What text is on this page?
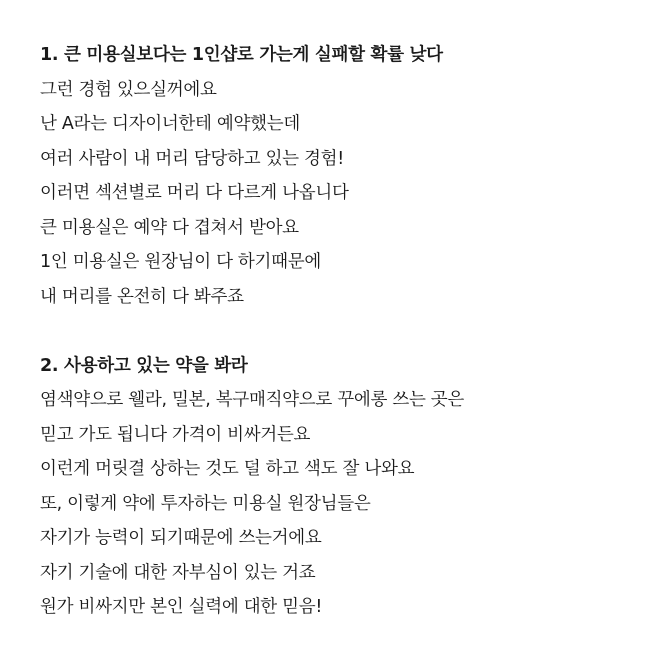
1. 큰 미용실보다는 1인샵로 가는게 실패할 확률 낮다
그런 경험 있으실꺼에요
난 A라는 디자이너한테 예약했는데
여러 사람이 내 머리 담당하고 있는 경험!
이러면 섹션별로 머리 다 다르게 나옵니다
큰 미용실은 예약 다 겹쳐서 받아요
1인 미용실은 원장님이 다 하기때문에
내 머리를 온전히 다 봐주죠
2. 사용하고 있는 약을 봐라
염색약으로 웰라, 밀본, 복구매직약으로 꾸에롱 쓰는 곳은
믿고 가도 됩니다 가격이 비싸거든요
이런게 머릿결 상하는 것도 덜 하고 색도 잘 나와요
또, 이렇게 약에 투자하는 미용실 원장님들은
자기가 능력이 되기때문에 쓰는거에요
자기 기술에 대한 자부심이 있는 거죠
원가 비싸지만 본인 실력에 대한 믿음!
